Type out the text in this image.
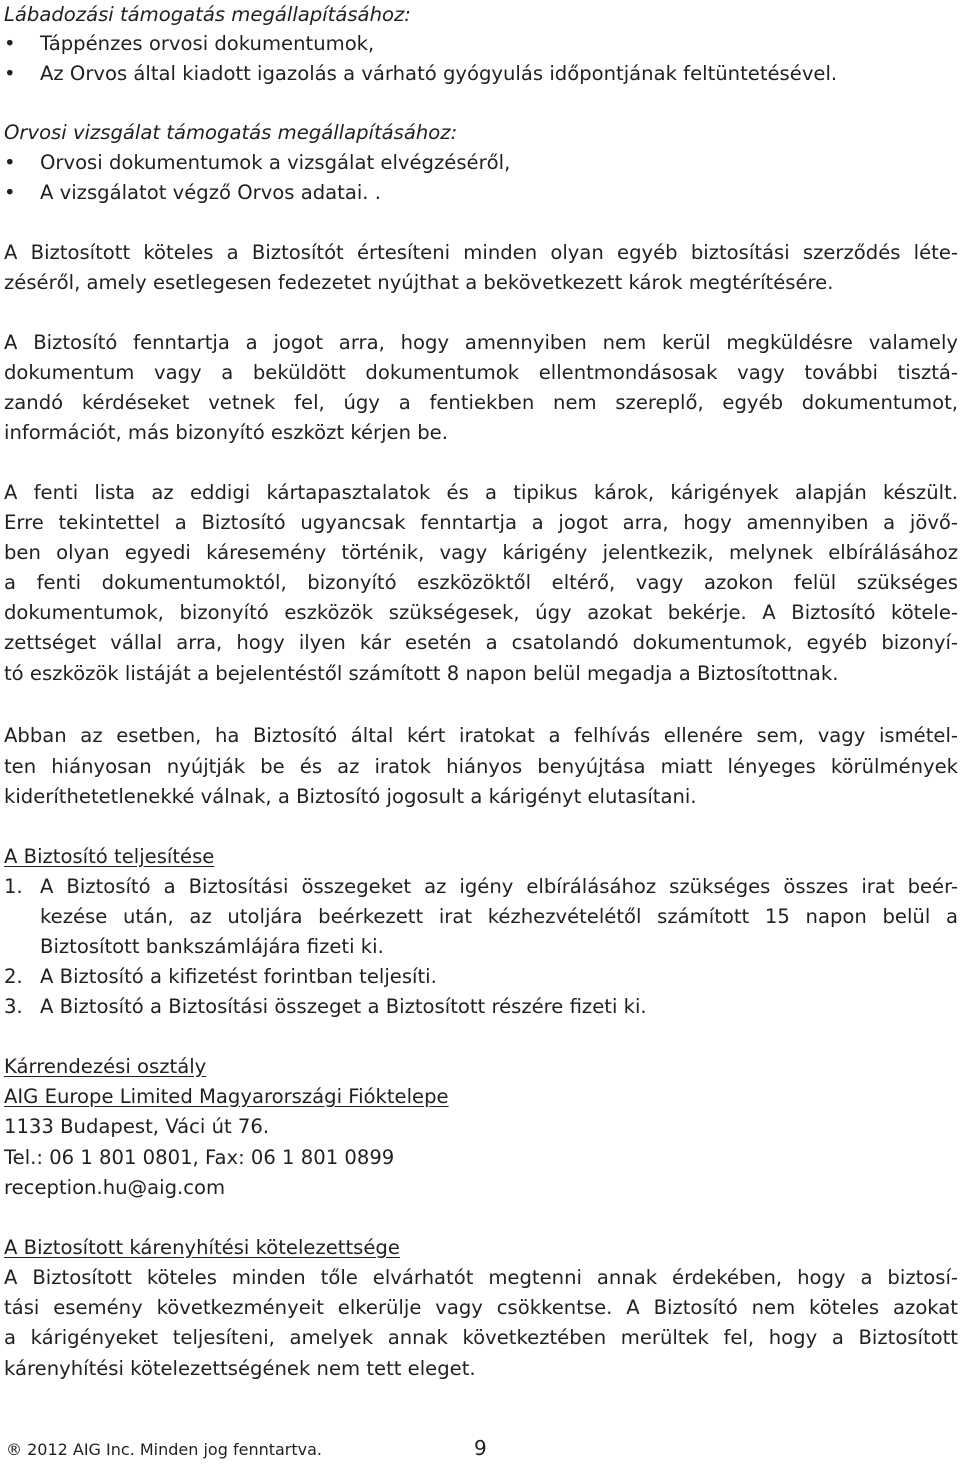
Lábadozási támogatás megállapításához:
• Táppénzes orvosi dokumentumok,
• Az Orvos által kiadott igazolás a várható gyógyulás időpontjának feltüntetésével.
Orvosi vizsgálat támogatás megállapításához:
• Orvosi dokumentumok a vizsgálat elvégzéséről,
• A vizsgálatot végző Orvos adatai. .
A Biztosított köteles a Biztosítót értesíteni minden olyan egyéb biztosítási szerződés léte-
zéséről, amely esetlegesen fedezetet nyújthat a bekövetkezett károk megtérítésére.
A Biztosító fenntartja a jogot arra, hogy amennyiben nem kerül megküldésre valamely
dokumentum vagy a beküldött dokumentumok ellentmondásosak vagy további tisztá-
zandó kérdéseket vetnek fel, úgy a fentiekben nem szereplő, egyéb dokumentumot,
információt, más bizonyító eszközt kérjen be.
A fenti lista az eddigi kártapasztalatok és a tipikus károk, kárigények alapján készült.
Erre tekintettel a Biztosító ugyancsak fenntartja a jogot arra, hogy amennyiben a jövő-
ben olyan egyedi káresemény történik, vagy kárigény jelentkezik, melynek elbírálásához
a fenti dokumentumoktól, bizonyító eszközöktől eltérő, vagy azokon felül szükséges
dokumentumok, bizonyító eszközök szükségesek, úgy azokat bekérje. A Biztosító kötele-
zettséget vállal arra, hogy ilyen kár esetén a csatolandó dokumentumok, egyéb bizonyí-
tó eszközök listáját a bejelentéstől számított 8 napon belül megadja a Biztosítottnak.
Abban az esetben, ha Biztosító által kért iratokat a felhívás ellenére sem, vagy ismétel-
ten hiányosan nyújtják be és az iratok hiányos benyújtása miatt lényeges körülmények
kideríthetetlenekké válnak, a Biztosító jogosult a kárigényt elutasítani.
A Biztosító teljesítése
1. A Biztosító a Biztosítási összegeket az igény elbírálásához szükséges összes irat beér-
kezése után, az utoljára beérkezett irat kézhezvételétől számított 15 napon belül a
Biztosított bankszámlájára fizeti ki.
2. A Biztosító a kifizetést forintban teljesíti.
3. A Biztosító a Biztosítási összeget a Biztosított részére fizeti ki.
Kárrendezési osztály
AIG Europe Limited Magyarországi Fióktelepe
1133 Budapest, Váci út 76.
Tel.: 06 1 801 0801, Fax: 06 1 801 0899
reception.hu@aig.com
A Biztosított kárenyhítési kötelezettsége
A Biztosított köteles minden tőle elvárhatót megtenni annak érdekében, hogy a biztosí-
tási esemény következményeit elkerülje vagy csökkentse. A Biztosító nem köteles azokat
a kárigényeket teljesíteni, amelyek annak következtében merültek fel, hogy a Biztosított
kárenyhítési kötelezettségének nem tett eleget.
® 2012 AIG Inc. Minden jog fenntartva.	9
